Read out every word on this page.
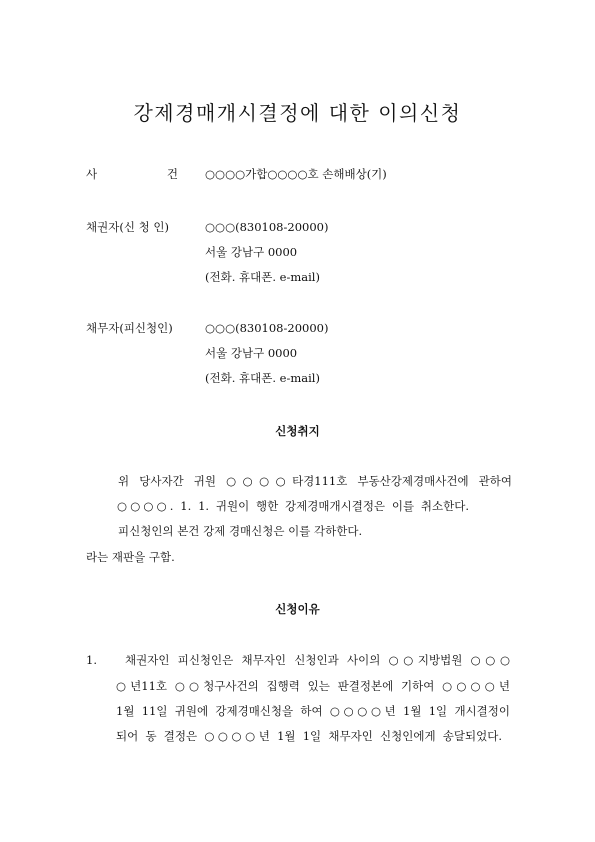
강제경매개시결정에 대한 이의신청
사	건 ○○○○가합○○○○호 손해배상(기)
채권자(신 청 인)	○○○(830108-20000)
서울 강남구 0000
(전화. 휴대폰. e-mail)
채무자(피신청인)	○○○(830108-20000)
서울 강남구 0000
(전화. 휴대폰. e-mail)
신청취지
위 당사자간 귀원 ○○○○타경111호 부동산강제경매사건에 관하여
○○○○. 1. 1. 귀원이 행한 강제경매개시결정은 이를 취소한다.
피신청인의 본건 강제 경매신청은 이를 각하한다.
라는 재판을 구함.
신청이유
1. 채권자인 피신청인은 채무자인 신청인과 사이의 ○○지방법원 ○○○
○년11호 ○○청구사건의 집행력 있는 판결정본에 기하여 ○○○○년
1월 11일 귀원에 강제경매신청을 하여 ○○○○년 1월 1일 개시결정이
되어 동 결정은 ○○○○년 1월 1일 채무자인 신청인에게 송달되었다.
